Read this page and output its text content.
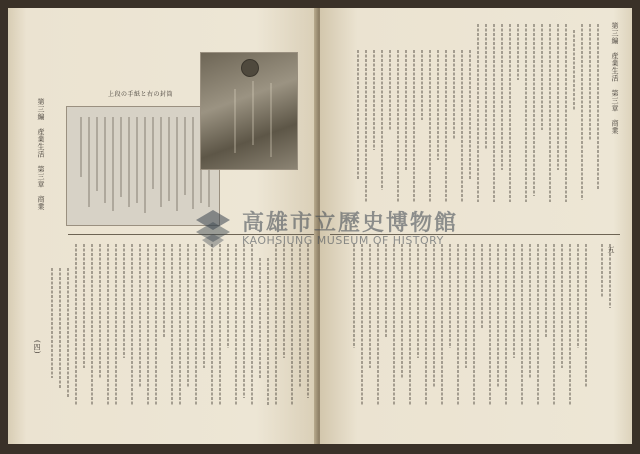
上段の手紙と右の封筒
第三編　産業生活　第三章　商業
(四)
第三編　産業生活　第三章　商業
五
高雄市立歷史博物館
KAOHSIUNG MUSEUM OF HISTORY
